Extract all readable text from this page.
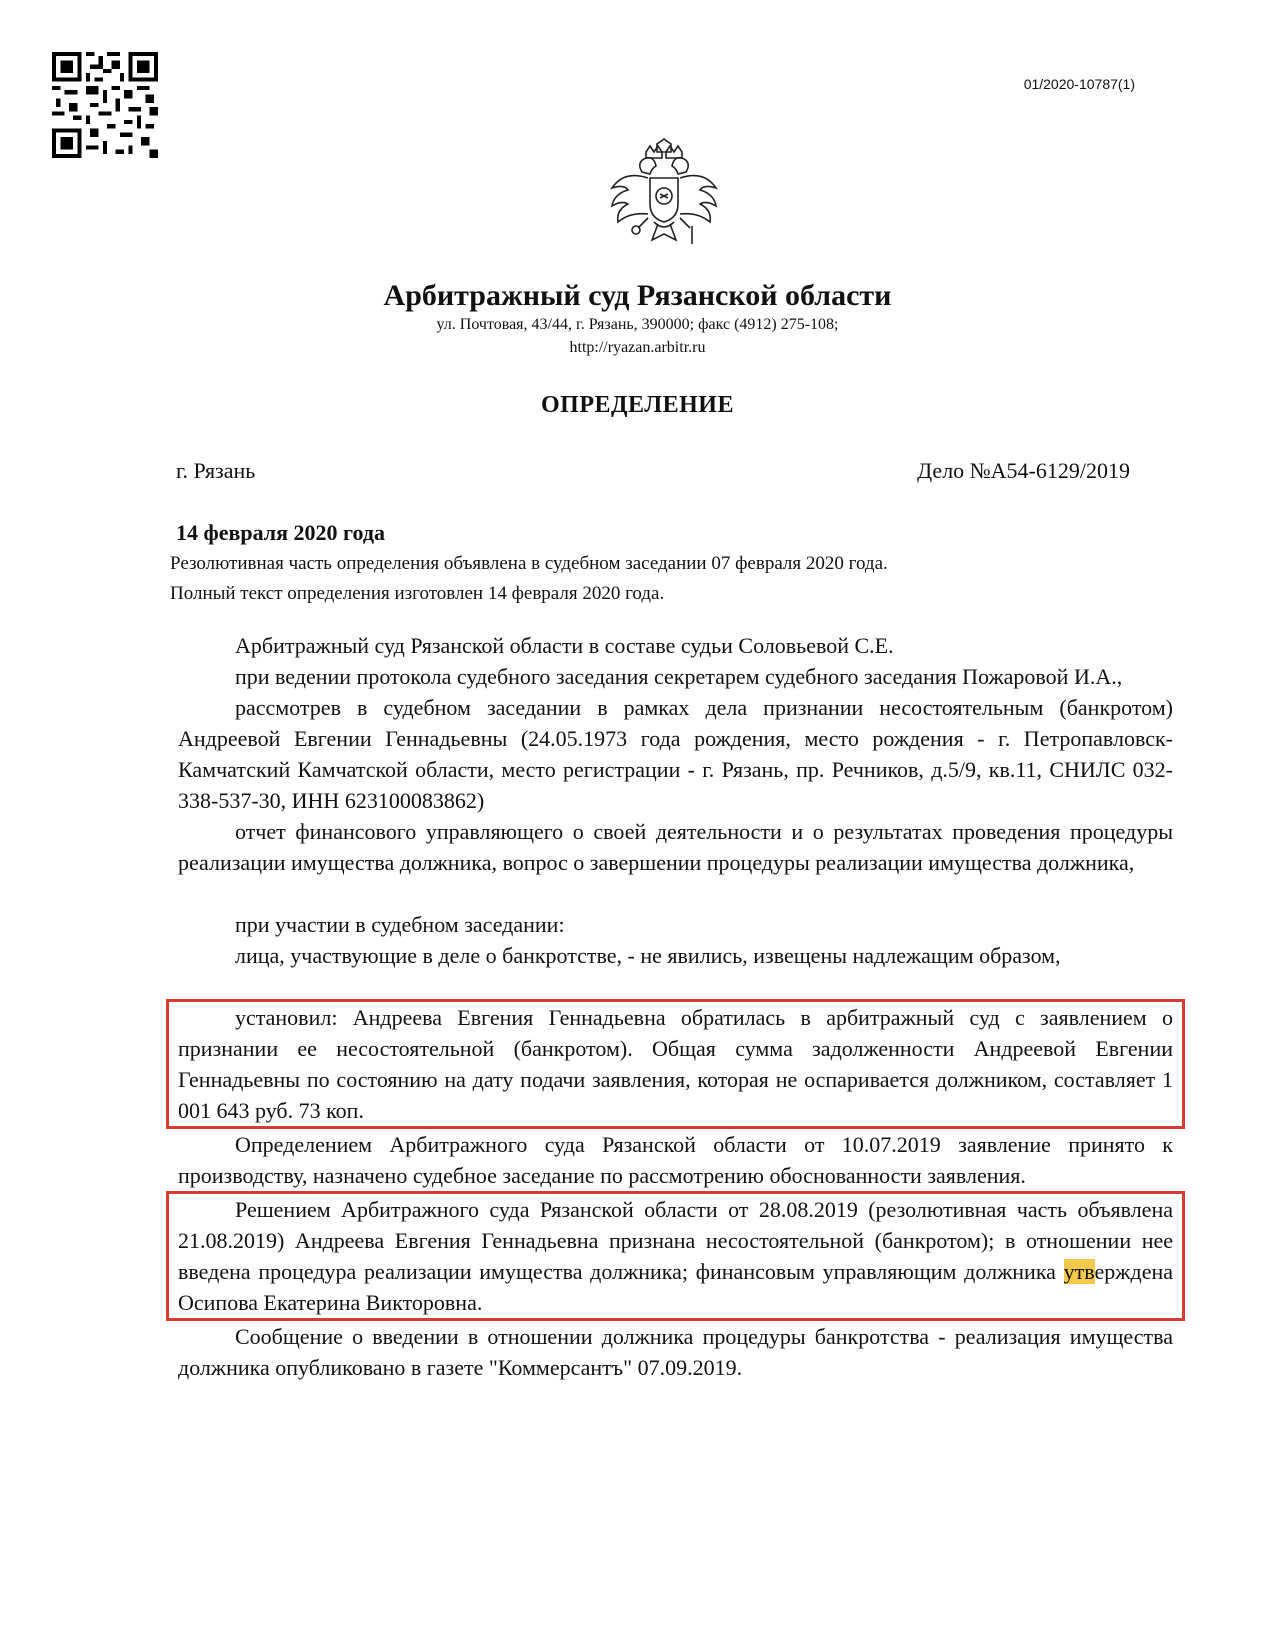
01/2020-10787(1)
Арбитражный суд Рязанской области
ул. Почтовая, 43/44, г. Рязань, 390000; факс (4912) 275-108;
http://ryazan.arbitr.ru
ОПРЕДЕЛЕНИЕ
г. Рязань	Дело №А54-6129/2019
14 февраля 2020 года
Резолютивная часть определения объявлена в судебном заседании 07 февраля 2020 года.
Полный текст определения изготовлен 14 февраля 2020 года.

Арбитражный суд Рязанской области в составе судьи Соловьевой С.Е.

при ведении протокола судебного заседания секретарем судебного заседания Пожаровой И.А.,

рассмотрев в судебном заседании в рамках дела признании несостоятельным (банкротом) Андреевой Евгении Геннадьевны (24.05.1973 года рождения, место рождения - г. Петропавловск-Камчатский Камчатской области, место регистрации - г. Рязань, пр. Речников, д.5/9, кв.11, СНИЛС 032-338-537-30, ИНН 623100083862)

отчет финансового управляющего о своей деятельности и о результатах проведения процедуры реализации имущества должника, вопрос о завершении процедуры реализации имущества должника,

при участии в судебном заседании:

лица, участвующие в деле о банкротстве, - не явились, извещены надлежащим образом,

установил: Андреева Евгения Геннадьевна обратилась в арбитражный суд с заявлением о признании ее несостоятельной (банкротом). Общая сумма задолженности Андреевой Евгении Геннадьевны по состоянию на дату подачи заявления, которая не оспаривается должником, составляет 1 001 643 руб. 73 коп.

Определением Арбитражного суда Рязанской области от 10.07.2019 заявление принято к производству, назначено судебное заседание по рассмотрению обоснованности заявления.

Решением Арбитражного суда Рязанской области от 28.08.2019 (резолютивная часть объявлена 21.08.2019) Андреева Евгения Геннадьевна признана несостоятельной (банкротом); в отношении нее введена процедура реализации имущества должника; финансовым управляющим должника утверждена Осипова Екатерина Викторовна.

Сообщение о введении в отношении должника процедуры банкротства - реализация имущества должника опубликовано в газете "Коммерсантъ" 07.09.2019.
